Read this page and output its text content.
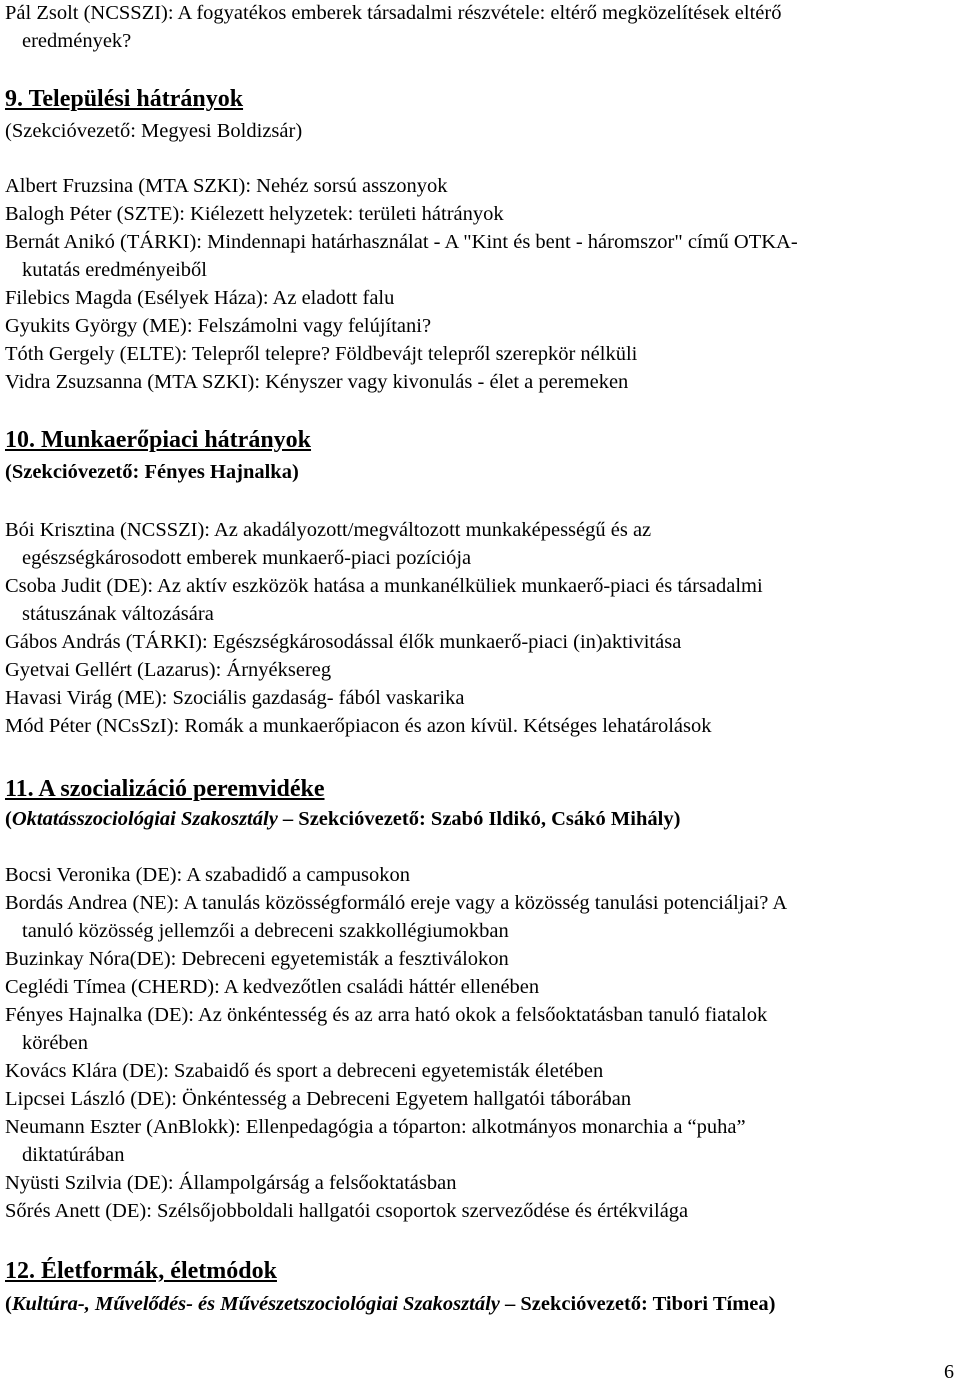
Pál Zsolt (NCSSZI): A fogyatékos emberek társadalmi részvétele: eltérő megközelítések eltérő
eredmények?
9. Települési hátrányok
(Szekcióvezető: Megyesi Boldizsár)
Albert Fruzsina (MTA SZKI): Nehéz sorsú asszonyok
Balogh Péter (SZTE): Kiélezett helyzetek: területi hátrányok
Bernát Anikó (TÁRKI): Mindennapi határhasználat - A "Kint és bent - háromszor" című OTKA-
kutatás eredményeiből
Filebics Magda (Esélyek Háza): Az eladott falu
Gyukits György (ME): Felszámolni vagy felújítani?
Tóth Gergely (ELTE): Telepről telepre? Földbevájt telepről szerepkör nélküli
Vidra Zsuzsanna (MTA SZKI): Kényszer vagy kivonulás - élet a peremeken
10. Munkaerőpiaci hátrányok
(Szekcióvezető: Fényes Hajnalka)
Bói Krisztina (NCSSZI): Az akadályozott/megváltozott munkaképességű és az
egészségkárosodott emberek munkaerő-piaci pozíciója
Csoba Judit (DE): Az aktív eszközök hatása a munkanélküliek munkaerő-piaci és társadalmi
státuszának változására
Gábos András (TÁRKI): Egészségkárosodással élők munkaerő-piaci (in)aktivitása
Gyetvai Gellért (Lazarus): Árnyéksereg
Havasi Virág (ME): Szociális gazdaság- fából vaskarika
Mód Péter (NCsSzI): Romák a munkaerőpiacon és azon kívül. Kétséges lehatárolások
11. A szocializáció peremvidéke
(Oktatásszociológiai Szakosztály – Szekcióvezető: Szabó Ildikó, Csákó Mihály)
Bocsi Veronika (DE): A szabadidő a campusokon
Bordás Andrea (NE): A tanulás közösségformáló ereje vagy a közösség tanulási potenciáljai? A
tanuló közösség jellemzői a debreceni szakkollégiumokban
Buzinkay Nóra(DE): Debreceni egyetemisták a fesztiválokon
Ceglédi Tímea (CHERD): A kedvezőtlen családi háttér ellenében
Fényes Hajnalka (DE): Az önkéntesség és az arra ható okok a felsőoktatásban tanuló fiatalok
körében
Kovács Klára (DE): Szabaidő és sport a debreceni egyetemisták életében
Lipcsei László (DE): Önkéntesség a Debreceni Egyetem hallgatói táborában
Neumann Eszter (AnBlokk): Ellenpedagógia a tóparton: alkotmányos monarchia a “puha”
diktatúrában
Nyüsti Szilvia (DE): Állampolgárság a felsőoktatásban
Sőrés Anett (DE): Szélsőjobboldali hallgatói csoportok szerveződése és értékvilága
12. Életformák, életmódok
(Kultúra-, Művelődés- és Művészetszociológiai Szakosztály – Szekcióvezető: Tibori Tímea)
6
